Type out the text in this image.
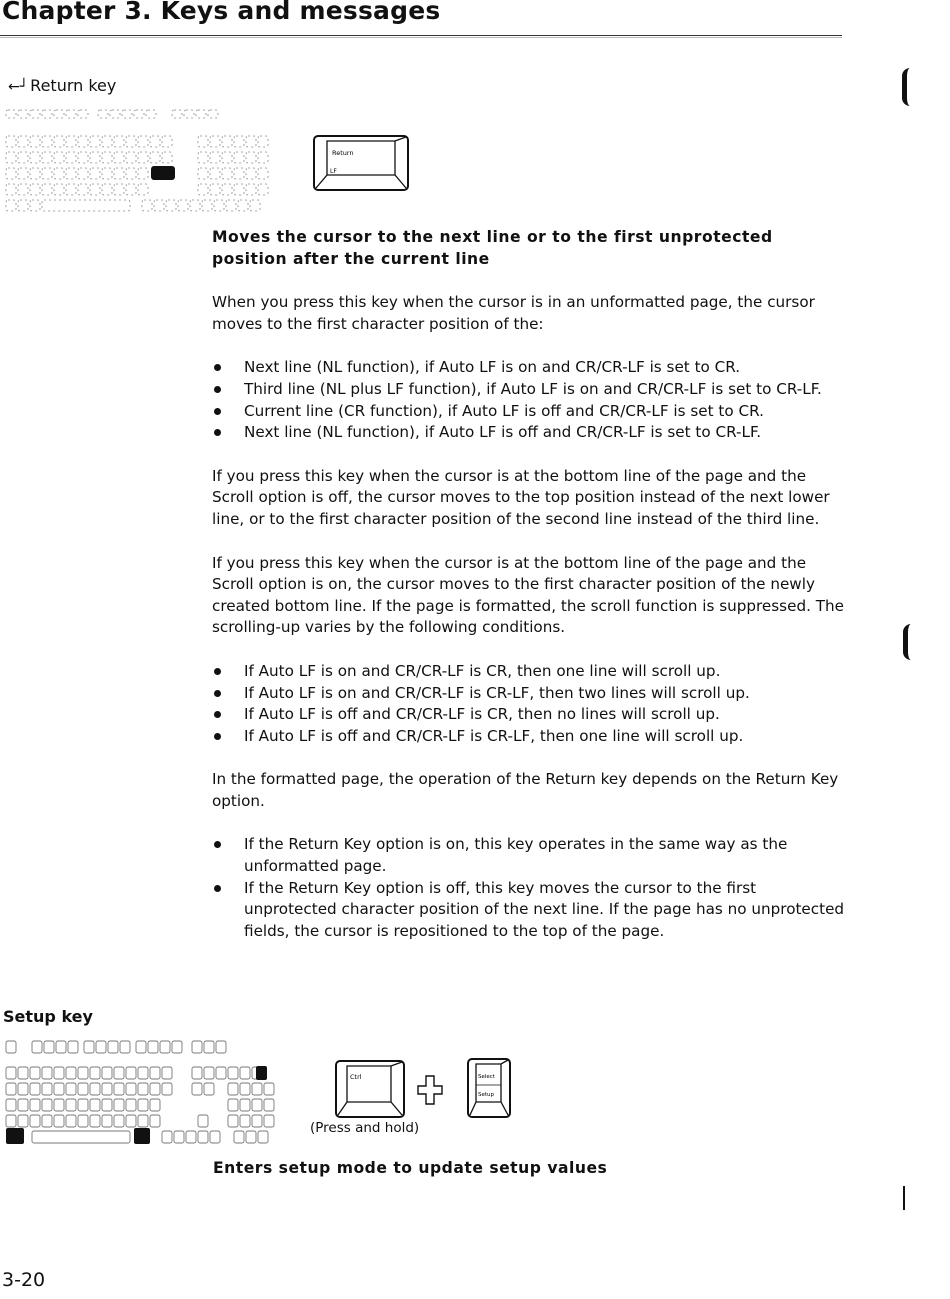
Chapter 3. Keys and messages
←┘ Return key
Return
LF
Moves the cursor to the next line or to the first unprotected position after the current line
When you press this key when the cursor is in an unformatted page, the cursor moves to the first character position of the:
Next line (NL function), if Auto LF is on and CR/CR-LF is set to CR.
Third line (NL plus LF function), if Auto LF is on and CR/CR-LF is set to CR-LF.
Current line (CR function), if Auto LF is off and CR/CR-LF is set to CR.
Next line (NL function), if Auto LF is off and CR/CR-LF is set to CR-LF.
If you press this key when the cursor is at the bottom line of the page and the Scroll option is off, the cursor moves to the top position instead of the next lower line, or to the first character position of the second line instead of the third line.
If you press this key when the cursor is at the bottom line of the page and the Scroll option is on, the cursor moves to the first character position of the newly created bottom line. If the page is formatted, the scroll function is suppressed. The scrolling-up varies by the following conditions.
If Auto LF is on and CR/CR-LF is CR, then one line will scroll up.
If Auto LF is on and CR/CR-LF is CR-LF, then two lines will scroll up.
If Auto LF is off and CR/CR-LF is CR, then no lines will scroll up.
If Auto LF is off and CR/CR-LF is CR-LF, then one line will scroll up.
In the formatted page, the operation of the Return key depends on the Return Key option.
If the Return Key option is on, this key operates in the same way as the unformatted page.
If the Return Key option is off, this key moves the cursor to the first unprotected character position of the next line. If the page has no unprotected fields, the cursor is repositioned to the top of the page.
Setup key
Ctrl	Select
Setup
(Press and hold)
Enters setup mode to update setup values
3-20
